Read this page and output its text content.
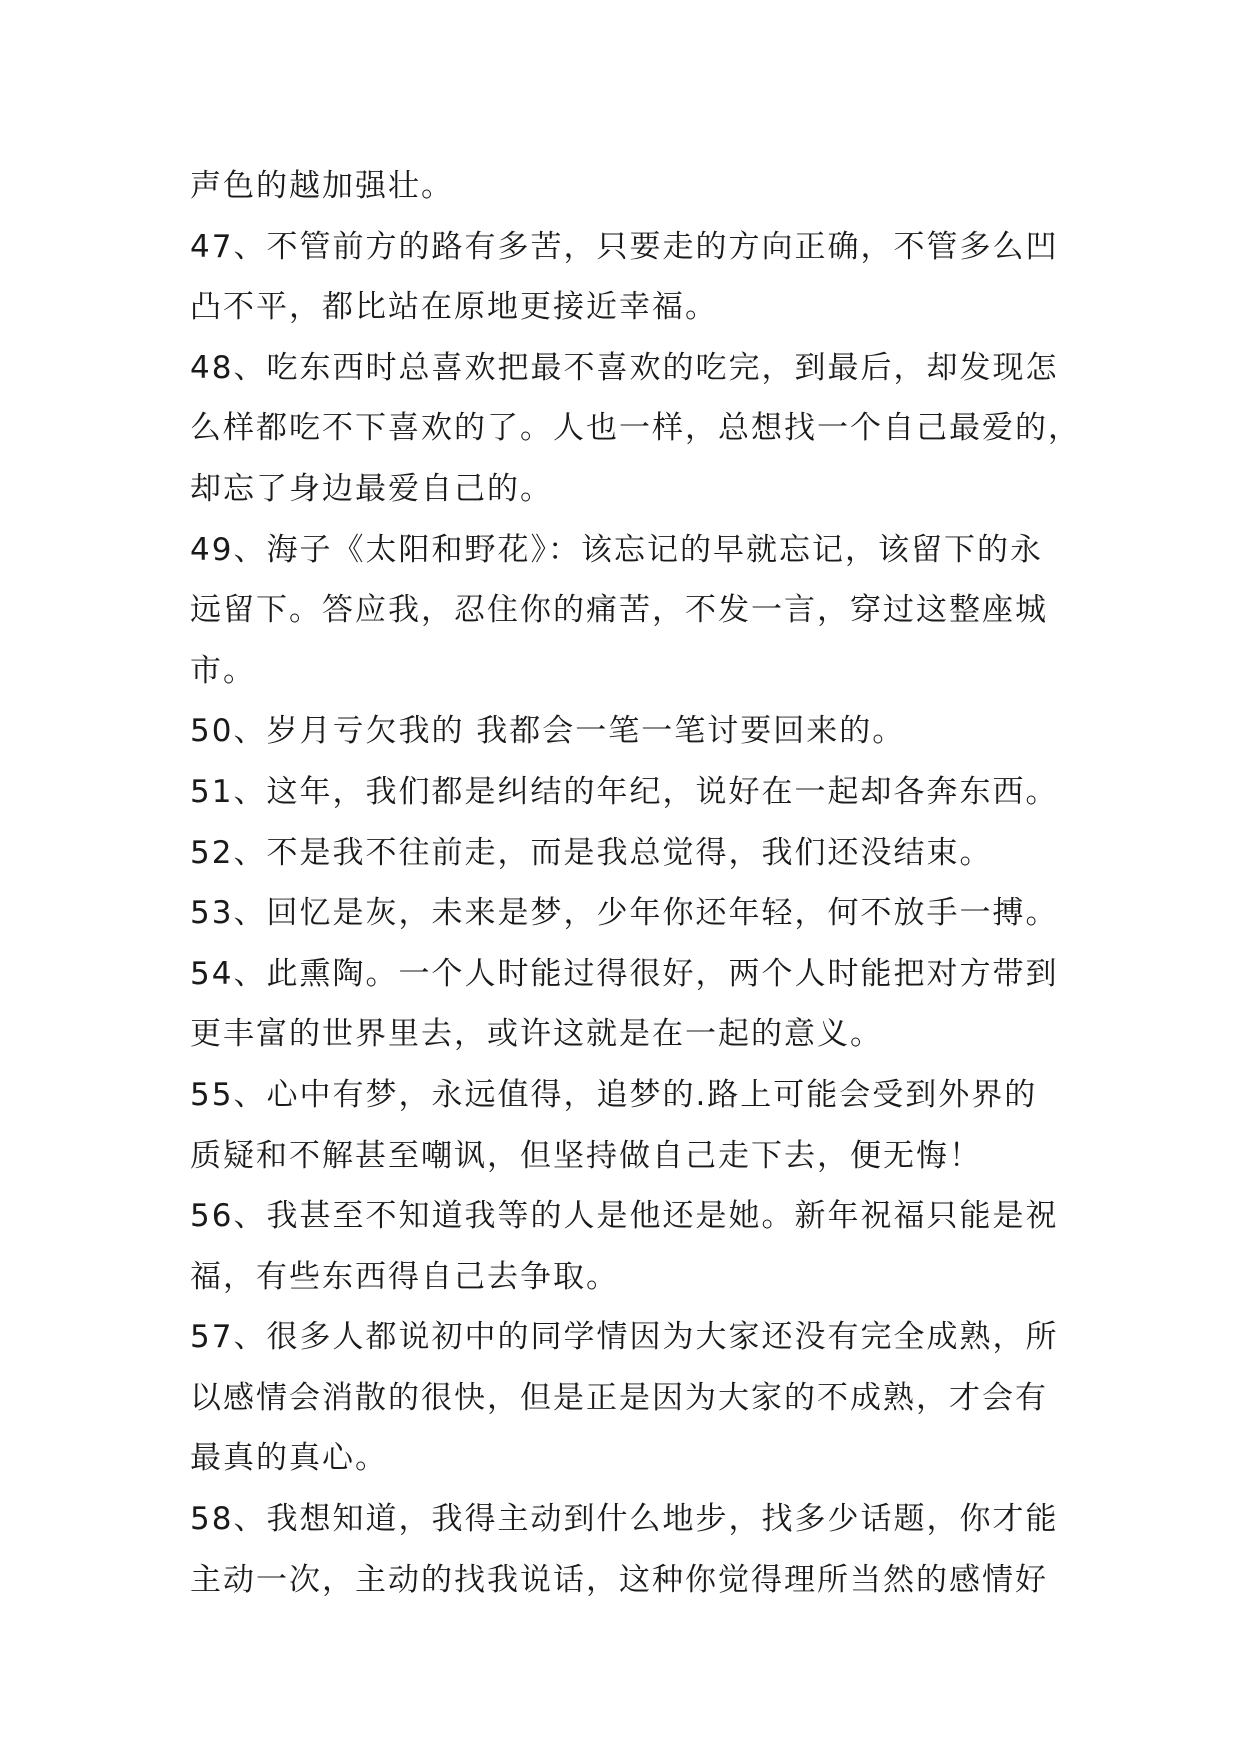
声色的越加强壮。
47、不管前方的路有多苦，只要走的方向正确，不管多么凹
凸不平，都比站在原地更接近幸福。
48、吃东西时总喜欢把最不喜欢的吃完，到最后，却发现怎
么样都吃不下喜欢的了。人也一样，总想找一个自己最爱的，
却忘了身边最爱自己的。
49、海子《太阳和野花》：该忘记的早就忘记，该留下的永
远留下。答应我，忍住你的痛苦，不发一言，穿过这整座城
市。
50、岁月亏欠我的 我都会一笔一笔讨要回来的。
51、这年，我们都是纠结的年纪，说好在一起却各奔东西。
52、不是我不往前走，而是我总觉得，我们还没结束。
53、回忆是灰，未来是梦，少年你还年轻，何不放手一搏。
54、此熏陶。一个人时能过得很好，两个人时能把对方带到
更丰富的世界里去，或许这就是在一起的意义。
55、心中有梦，永远值得，追梦的.路上可能会受到外界的
质疑和不解甚至嘲讽，但坚持做自己走下去，便无悔！
56、我甚至不知道我等的人是他还是她。新年祝福只能是祝
福，有些东西得自己去争取。
57、很多人都说初中的同学情因为大家还没有完全成熟，所
以感情会消散的很快，但是正是因为大家的不成熟，才会有
最真的真心。
58、我想知道，我得主动到什么地步，找多少话题，你才能
主动一次，主动的找我说话，这种你觉得理所当然的感情好
